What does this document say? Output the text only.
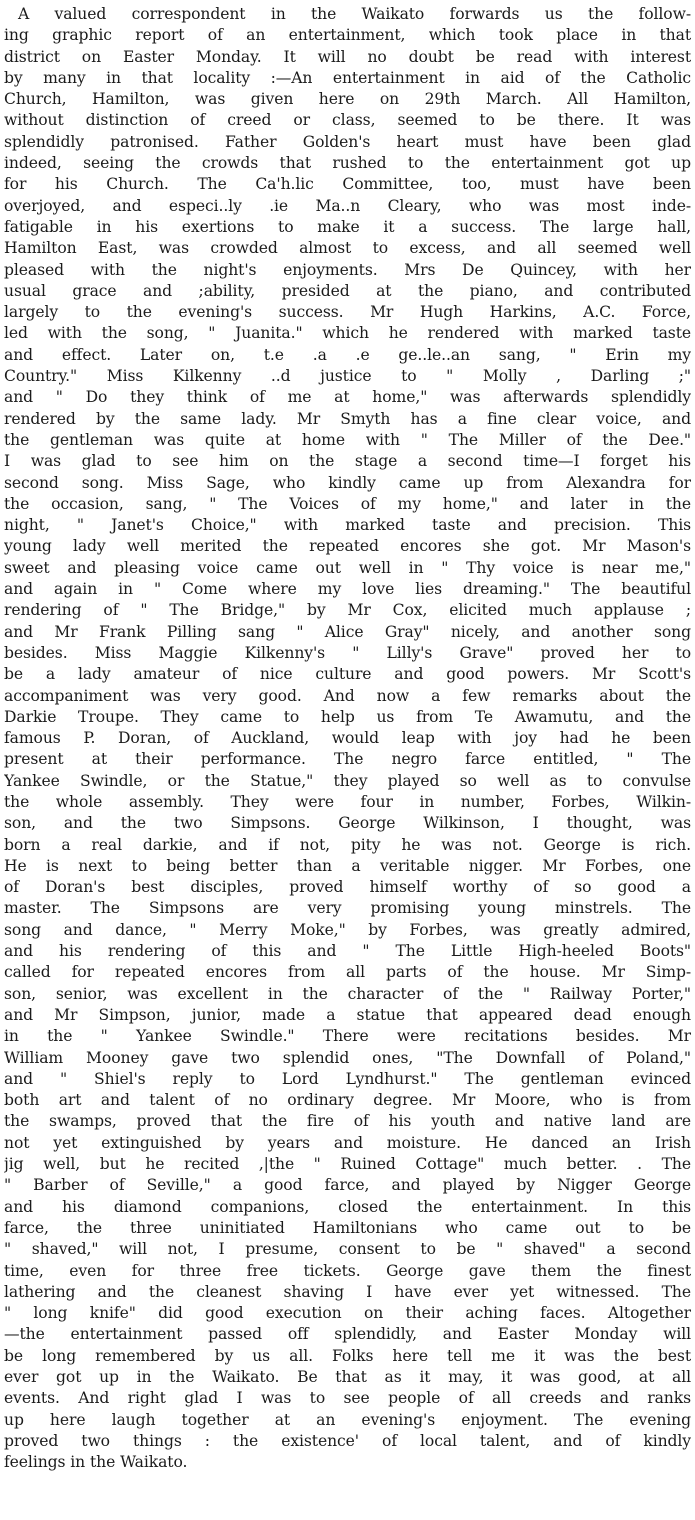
A valued correspondent in the Waikato forwards us the follow-
ing graphic report of an entertainment, which took place in that
district on Easter Monday. It will no doubt be read with interest
by many in that locality :—An entertainment in aid of the Catholic
Church, Hamilton, was given here on 29th March. All Hamilton,
without distinction of creed or class, seemed to be there. It was
splendidly patronised. Father Golden's heart must have been glad
indeed, seeing the crowds that rushed to the entertainment got up
for his Church. The Ca'h.lic Committee, too, must have been
overjoyed, and especi..ly .ie Ma..n Cleary, who was most inde-
fatigable in his exertions to make it a success. The large hall,
Hamilton East, was crowded almost to excess, and all seemed well
pleased with the night's enjoyments. Mrs De Quincey, with her
usual grace and ;ability, presided at the piano, and contributed
largely to the evening's success. Mr Hugh Harkins, A.C. Force,
led with the song, " Juanita." which he rendered with marked taste
and effect. Later on, t.e .a .e ge..le..an sang, " Erin my
Country." Miss Kilkenny ..d justice to " Molly , Darling ;"
and " Do they think of me at home," was afterwards splendidly
rendered by the same lady. Mr Smyth has a fine clear voice, and
the gentleman was quite at home with " The Miller of the Dee."
I was glad to see him on the stage a second time—I forget his
second song. Miss Sage, who kindly came up from Alexandra for
the occasion, sang, " The Voices of my home," and later in the
night, " Janet's Choice," with marked taste and precision. This
young lady well merited the repeated encores she got. Mr Mason's
sweet and pleasing voice came out well in " Thy voice is near me,"
and again in " Come where my love lies dreaming." The beautiful
rendering of " The Bridge," by Mr Cox, elicited much applause ;
and Mr Frank Pilling sang " Alice Gray" nicely, and another song
besides. Miss Maggie Kilkenny's " Lilly's Grave" proved her to
be a lady amateur of nice culture and good powers. Mr Scott's
accompaniment was very good. And now a few remarks about the
Darkie Troupe. They came to help us from Te Awamutu, and the
famous P. Doran, of Auckland, would leap with joy had he been
present at their performance. The negro farce entitled, " The
Yankee Swindle, or the Statue," they played so well as to convulse
the whole assembly. They were four in number, Forbes, Wilkin-
son, and the two Simpsons. George Wilkinson, I thought, was
born a real darkie, and if not, pity he was not. George is rich.
He is next to being better than a veritable nigger. Mr Forbes, one
of Doran's best disciples, proved himself worthy of so good a
master. The Simpsons are very promising young minstrels. The
song and dance, " Merry Moke," by Forbes, was greatly admired,
and his rendering of this and " The Little High-heeled Boots"
called for repeated encores from all parts of the house. Mr Simp-
son, senior, was excellent in the character of the " Railway Porter,"
and Mr Simpson, junior, made a statue that appeared dead enough
in the " Yankee Swindle." There were recitations besides. Mr
William Mooney gave two splendid ones, "The Downfall of Poland,"
and " Shiel's reply to Lord Lyndhurst." The gentleman evinced
both art and talent of no ordinary degree. Mr Moore, who is from
the swamps, proved that the fire of his youth and native land are
not yet extinguished by years and moisture. He danced an Irish
jig well, but he recited ,|the " Ruined Cottage" much better. . The
" Barber of Seville," a good farce, and played by Nigger George
and his diamond companions, closed the entertainment. In this
farce, the three uninitiated Hamiltonians who came out to be
" shaved," will not, I presume, consent to be " shaved" a second
time, even for three free tickets. George gave them the finest
lathering and the cleanest shaving I have ever yet witnessed. The
" long knife" did good execution on their aching faces. Altogether
—the entertainment passed off splendidly, and Easter Monday will
be long remembered by us all. Folks here tell me it was the best
ever got up in the Waikato. Be that as it may, it was good, at all
events. And right glad I was to see people of all creeds and ranks
up here laugh together at an evening's enjoyment. The evening
proved two things : the existence' of local talent, and of kindly
feelings in the Waikato.
